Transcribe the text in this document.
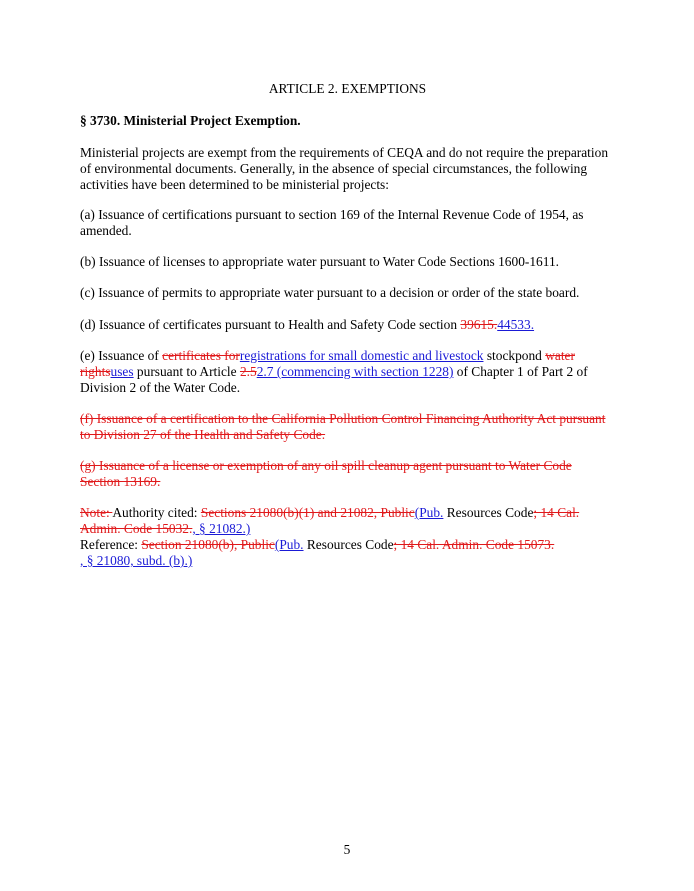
ARTICLE 2. EXEMPTIONS
§ 3730. Ministerial Project Exemption.
Ministerial projects are exempt from the requirements of CEQA and do not require the preparation of environmental documents. Generally, in the absence of special circumstances, the following activities have been determined to be ministerial projects:
(a) Issuance of certifications pursuant to section 169 of the Internal Revenue Code of 1954, as amended.
(b) Issuance of licenses to appropriate water pursuant to Water Code Sections 1600-1611.
(c) Issuance of permits to appropriate water pursuant to a decision or order of the state board.
(d) Issuance of certificates pursuant to Health and Safety Code section 39615.44533.
(e) Issuance of certificates forregistrations for small domestic and livestock stockpond water rightsuses pursuant to Article 2.52.7 (commencing with section 1228) of Chapter 1 of Part 2 of Division 2 of the Water Code.
(f) Issuance of a certification to the California Pollution Control Financing Authority Act pursuant to Division 27 of the Health and Safety Code.
(g) Issuance of a license or exemption of any oil spill cleanup agent pursuant to Water Code Section 13169.
Note: Authority cited: Sections 21080(b)(1) and 21082, Public(Pub. Resources Code; 14 Cal. Admin. Code 15032., § 21082.)
Reference: Section 21080(b), Public(Pub. Resources Code; 14 Cal. Admin. Code 15073.
, § 21080, subd. (b).)
5
